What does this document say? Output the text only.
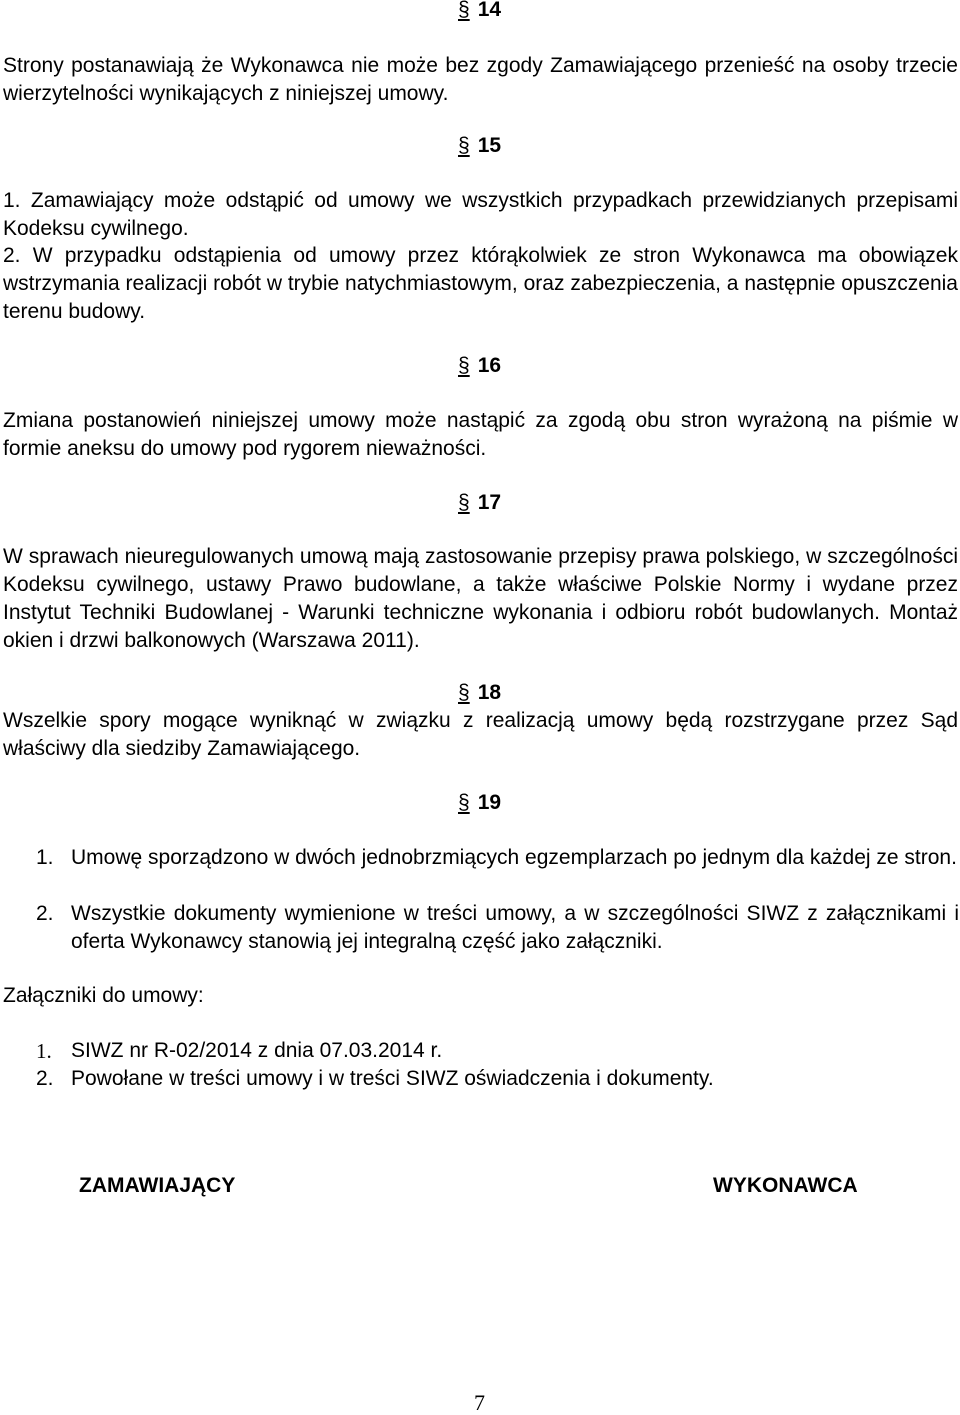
§ 14
Strony postanawiają że Wykonawca nie może bez zgody Zamawiającego przenieść na osoby trzecie wierzytelności wynikających z niniejszej umowy.
§ 15
1. Zamawiający może odstąpić od umowy we wszystkich przypadkach przewidzianych przepisami Kodeksu cywilnego.
2. W przypadku odstąpienia od umowy przez którąkolwiek ze stron Wykonawca ma obowiązek wstrzymania realizacji robót w trybie natychmiastowym, oraz zabezpieczenia, a następnie opuszczenia terenu budowy.
§ 16
Zmiana postanowień niniejszej umowy może nastąpić za zgodą obu stron wyrażoną na piśmie w formie aneksu do umowy pod rygorem nieważności.
§ 17
W sprawach nieuregulowanych umową mają zastosowanie przepisy prawa polskiego, w szczególności Kodeksu cywilnego, ustawy Prawo budowlane, a także właściwe Polskie Normy i wydane przez Instytut Techniki Budowlanej - Warunki techniczne wykonania i odbioru robót budowlanych. Montaż okien i drzwi balkonowych (Warszawa 2011).
§ 18
Wszelkie spory mogące wyniknąć w związku z realizacją umowy będą rozstrzygane przez Sąd właściwy dla siedziby Zamawiającego.
§ 19
1. Umowę sporządzono w dwóch jednobrzmiących egzemplarzach po jednym dla każdej ze stron.
2. Wszystkie dokumenty wymienione w treści umowy, a w szczególności SIWZ z załącznikami i oferta Wykonawcy stanowią jej integralną część jako załączniki.
Załączniki do umowy:
1. SIWZ nr R-02/2014 z dnia 07.03.2014 r.
2. Powołane w treści umowy i w treści SIWZ oświadczenia i dokumenty.
ZAMAWIAJĄCY	WYKONAWCA
7
